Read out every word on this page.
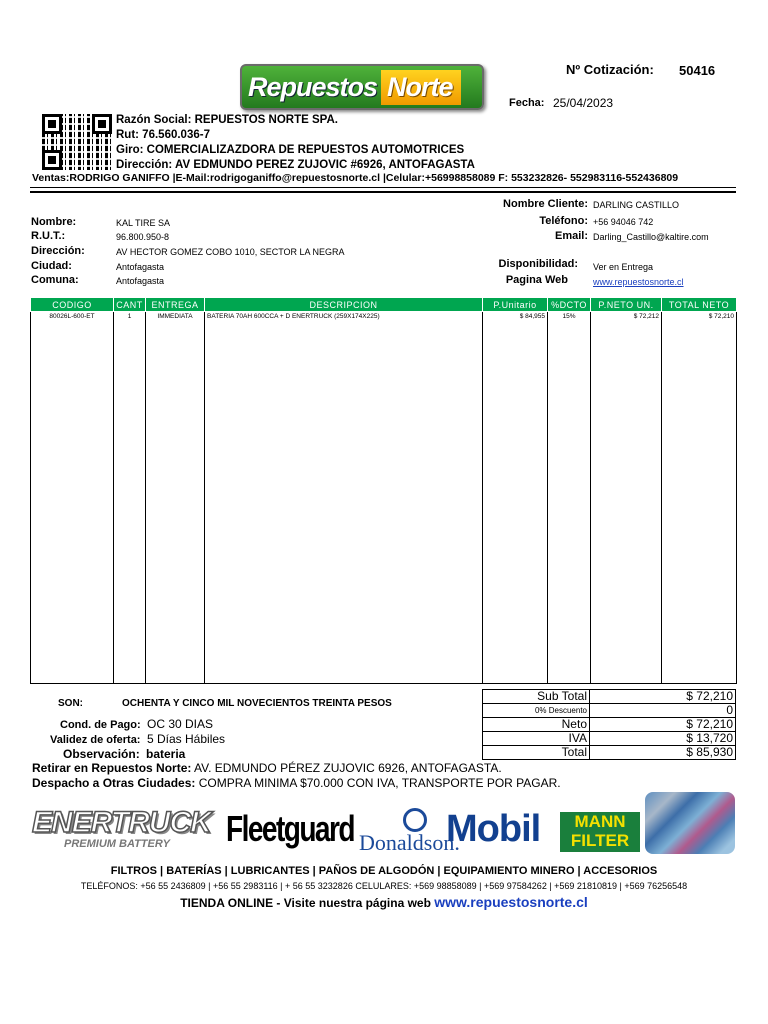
Repuestos Norte
Nº Cotización: 50416
Fecha: 25/04/2023
Razón Social: REPUESTOS NORTE SPA.
Rut: 76.560.036-7
Giro: COMERCIALIZAZDORA DE REPUESTOS AUTOMOTRICES
Dirección: AV EDMUNDO PEREZ ZUJOVIC #6926, ANTOFAGASTA
Ventas:RODRIGO GANIFFO |E-Mail:rodrigoganiffo@repuestosnorte.cl |Celular:+56998858089 F: 553232826- 552983116-552436809
Nombre:	KAL TIRE SA
R.U.T.:	96.800.950-8
Dirección:	AV HECTOR GOMEZ COBO 1010, SECTOR LA NEGRA
Ciudad:	Antofagasta
Comuna:	Antofagasta
Nombre Cliente: DARLING CASTILLO
Teléfono: +56 94046 742
Email: Darling_Castillo@kaltire.com
Disponibilidad: Ver en Entrega
Pagina Web	www.repuestosnorte.cl
CODIGO	CANT	ENTREGA	DESCRIPCION	P.Unitario	%DCTO	P.NETO UN.	TOTAL NETO
80026L-600-ET	1	IMMEDIATA	BATERIA 70AH 600CCA + D ENERTRUCK (259X174X225)	$ 84,955	15%	$ 72,212	$ 72,210
SON:	OCHENTA Y CINCO MIL NOVECIENTOS TREINTA PESOS
Cond. de Pago: OC 30 DIAS
Validez de oferta: 5 Días Hábiles
Observación: bateria
Retirar en Repuestos Norte: AV. EDMUNDO PÉREZ ZUJOVIC 6926, ANTOFAGASTA.
Despacho a Otras Ciudades: COMPRA MINIMA $70.000 CON IVA, TRANSPORTE POR PAGAR.
Sub Total	$ 72,210
0% Descuento	0
Neto	$ 72,210
IVA	$ 13,720
Total	$ 85,930
ENERTRUCK
PREMIUM BATTERY	Fleetguard Donaldson.
Mobil	MANN
FILTER
FILTROS | BATERÍAS | LUBRICANTES | PAÑOS DE ALGODÓN | EQUIPAMIENTO MINERO | ACCESORIOS
TELÉFONOS: +56 55 2436809 | +56 55 2983116 | + 56 55 3232826 CELULARES: +569 98858089 | +569 97584262 | +569 21810819 | +569 76256548
TIENDA ONLINE - Visite nuestra página web www.repuestosnorte.cl
